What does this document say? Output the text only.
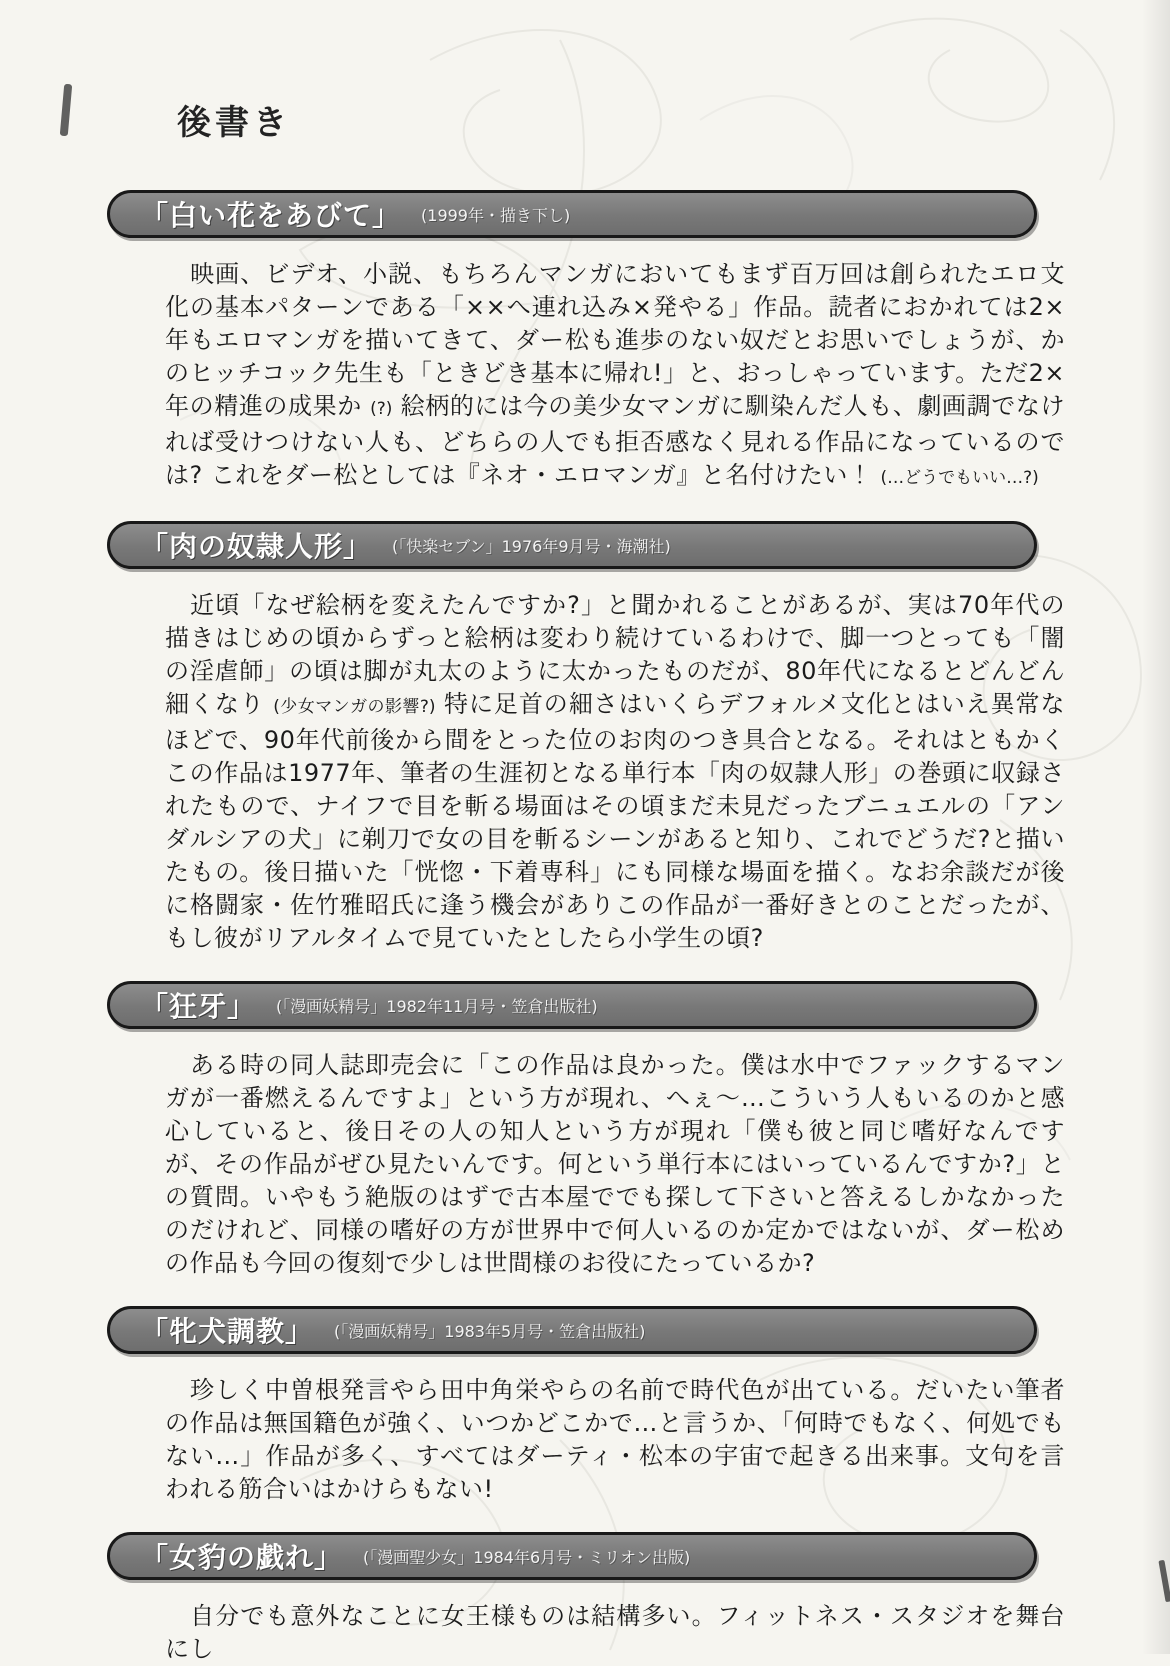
後書き
「白い花をあびて」 (1999年・描き下し)

　映画、ビデオ、小説、もちろんマンガにおいてもまず百万回は創られたエロ文化の基本パターンである「××へ連れ込み×発やる」作品。読者におかれては2×年もエロマンガを描いてきて、ダー松も進歩のない奴だとお思いでしょうが、かのヒッチコック先生も「ときどき基本に帰れ!」と、おっしゃっています。ただ2×年の精進の成果か (?) 絵柄的には今の美少女マンガに馴染んだ人も、劇画調でなければ受けつけない人も、どちらの人でも拒否感なく見れる作品になっているのでは? これをダー松としては『ネオ・エロマンガ』と名付けたい！ (…どうでもいい…?)

「肉の奴隷人形」 (「快楽セブン」1976年9月号・海潮社)

　近頃「なぜ絵柄を変えたんですか?」と聞かれることがあるが、実は70年代の描きはじめの頃からずっと絵柄は変わり続けているわけで、脚一つとっても「闇の淫虐師」の頃は脚が丸太のように太かったものだが、80年代になるとどんどん細くなり (少女マンガの影響?) 特に足首の細さはいくらデフォルメ文化とはいえ異常なほどで、90年代前後から間をとった位のお肉のつき具合となる。それはともかくこの作品は1977年、筆者の生涯初となる単行本「肉の奴隷人形」の巻頭に収録されたもので、ナイフで目を斬る場面はその頃まだ未見だったブニュエルの「アンダルシアの犬」に剃刀で女の目を斬るシーンがあると知り、これでどうだ?と描いたもの。後日描いた「恍惚・下着専科」にも同様な場面を描く。なお余談だが後に格闘家・佐竹雅昭氏に逢う機会がありこの作品が一番好きとのことだったが、もし彼がリアルタイムで見ていたとしたら小学生の頃?

「狂牙」 (「漫画妖精号」1982年11月号・笠倉出版社)

　ある時の同人誌即売会に「この作品は良かった。僕は水中でファックするマンガが一番燃えるんですよ」という方が現れ、へぇ〜…こういう人もいるのかと感心していると、後日その人の知人という方が現れ「僕も彼と同じ嗜好なんですが、その作品がぜひ見たいんです。何という単行本にはいっているんですか?」との質問。いやもう絶版のはずで古本屋ででも探して下さいと答えるしかなかったのだけれど、同様の嗜好の方が世界中で何人いるのか定かではないが、ダー松めの作品も今回の復刻で少しは世間様のお役にたっているか?

「牝犬調教」 (「漫画妖精号」1983年5月号・笠倉出版社)

　珍しく中曽根発言やら田中角栄やらの名前で時代色が出ている。だいたい筆者の作品は無国籍色が強く、いつかどこかで…と言うか、「何時でもなく、何処でもない…」作品が多く、すべてはダーティ・松本の宇宙で起きる出来事。文句を言われる筋合いはかけらもない!

「女豹の戯れ」 (「漫画聖少女」1984年6月号・ミリオン出版)

　自分でも意外なことに女王様ものは結構多い。フィットネス・スタジオを舞台にし
